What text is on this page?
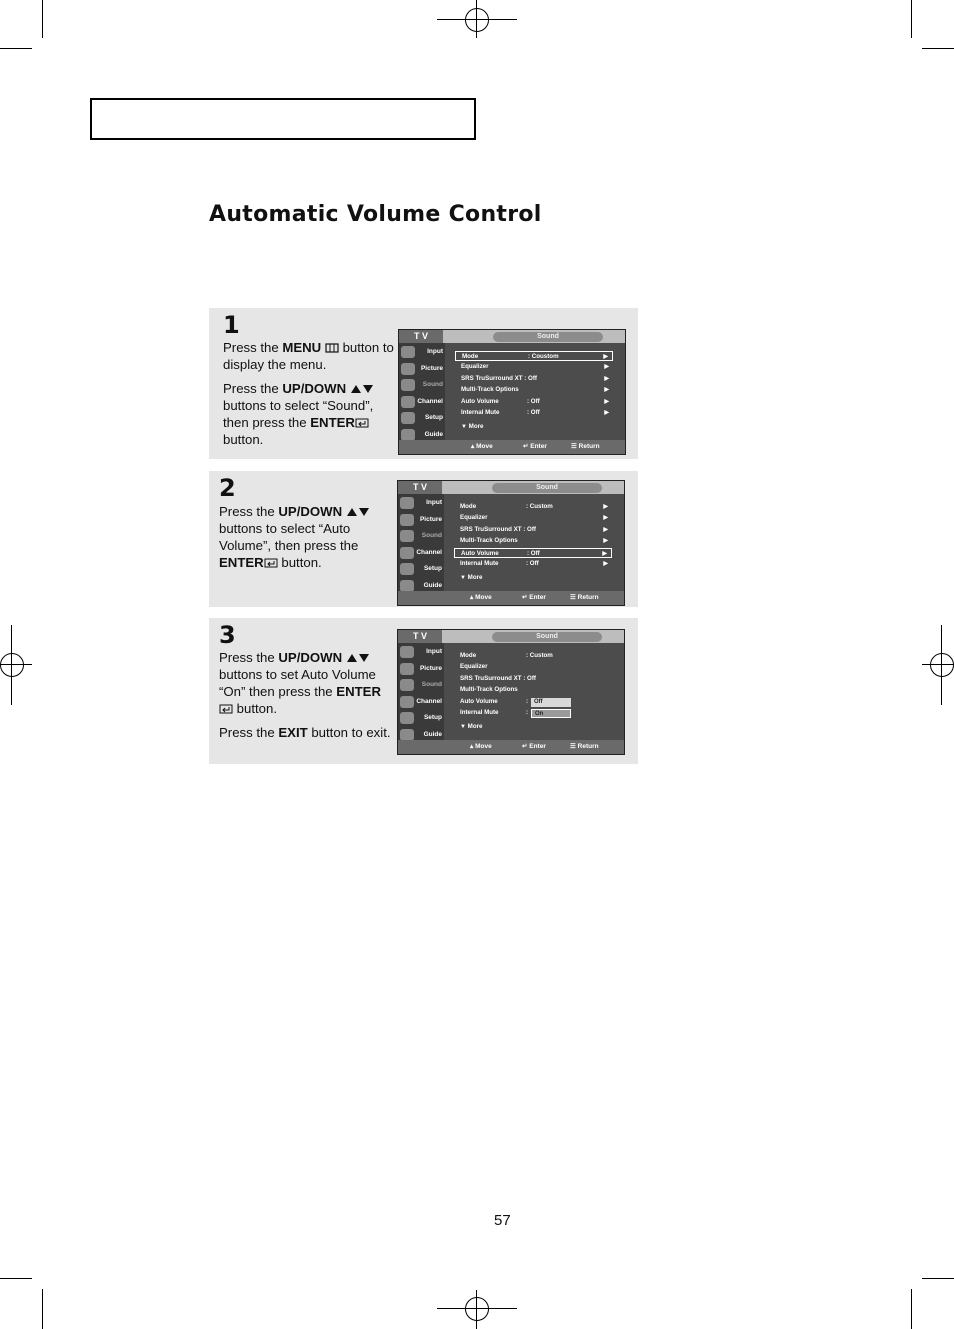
Automatic Volume Control
1

Press the MENU  button to display the menu.

Press the UP/DOWN  buttons to select “Sound”, then press the ENTER button.

2

Press the UP/DOWN  buttons to select “Auto Volume”, then press the ENTER button.

3

Press the UP/DOWN  buttons to set Auto Volume “On” then press the ENTER button.

Press the EXIT button to exit.

T V	Sound
Input
Picture
Sound
Channel
Setup
Guide
Mode	: Coustom	▶
Equalizer	▶
SRS TruSurround XT : Off	▶
Multi-Track Options	▶
Auto Volume	: Off	▶
Internal Mute	: Off	▶
▼ More
▴ Move	↵ Enter	☰ Return
T V	Sound
Input
Picture
Sound
Channel
Setup
Guide
Mode	: Custom	▶
Equalizer	▶
SRS TruSurround XT : Off	▶
Multi-Track Options	▶
Auto Volume	: Off	▶
Internal Mute	: Off	▶
▼ More
▴ Move	↵ Enter	☰ Return
T V	Sound
Input
Picture
Sound
Channel
Setup
Guide
Mode	: Custom
Equalizer
SRS TruSurround XT : Off
Multi-Track Options
Auto Volume	:
Internal Mute	:
Off
On
▼ More
▴ Move	↵ Enter	☰ Return
57
